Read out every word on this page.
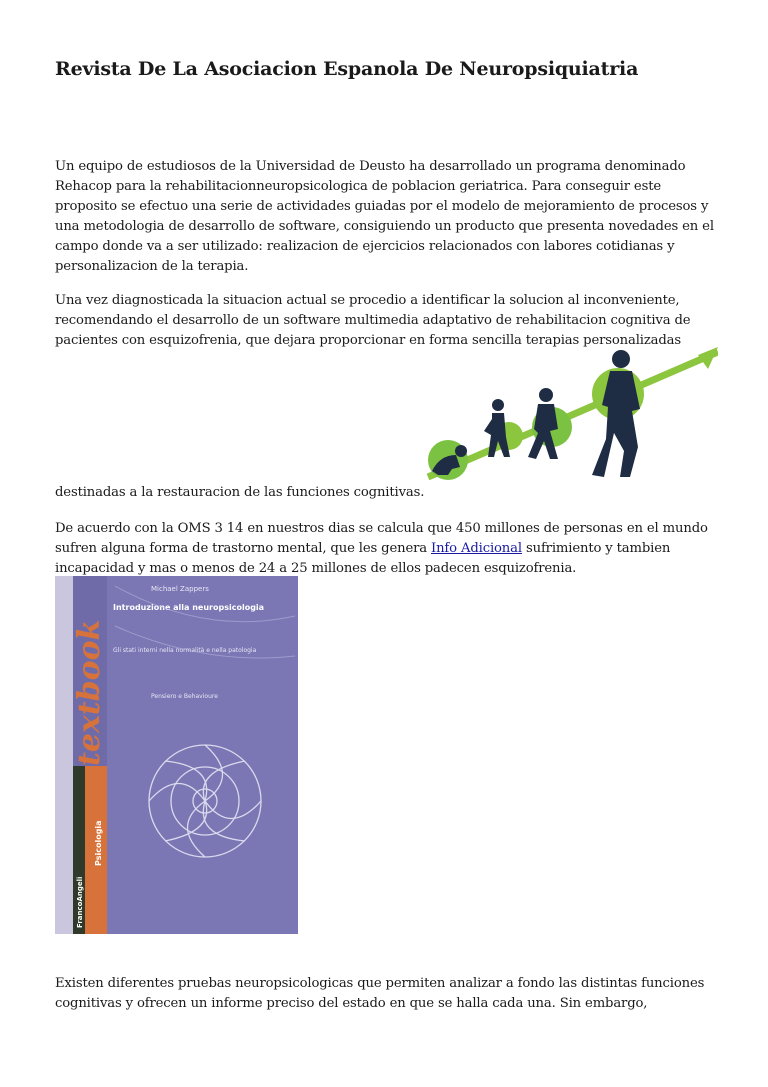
Revista De La Asociacion Espanola De Neuropsiquiatria

Un equipo de estudiosos de la Universidad de Deusto ha desarrollado un programa denominado Rehacop para la rehabilitacionneuropsicologica de poblacion geriatrica. Para conseguir este proposito se efectuo una serie de actividades guiadas por el modelo de mejoramiento de procesos y una metodologia de desarrollo de software, consiguiendo un producto que presenta novedades en el campo donde va a ser utilizado: realizacion de ejercicios relacionados con labores cotidianas y personalizacion de la terapia.

Una vez diagnosticada la situacion actual se procedio a identificar la solucion al inconveniente, recomendando el desarrollo de un software multimedia adaptativo de rehabilitacion cognitiva de pacientes con esquizofrenia, que dejara proporcionar en forma sencilla terapias personalizadas

destinadas a la restauracion de las funciones cognitivas.

De acuerdo con la OMS 3 14 en nuestros dias se calcula que 450 millones de personas en el mundo sufren alguna forma de trastorno mental, que les genera Info Adicional sufrimiento y tambien incapacidad y mas o menos de 24 a 25 millones de ellos padecen esquizofrenia.

textbook
Michael Zappers
Introduzione alla neuropsicologia
Gli stati interni nella normalità e nella patologia
Pensiero e Behavioure
Psicologia
FrancoAngeli

Existen diferentes pruebas neuropsicologicas que permiten analizar a fondo las distintas funciones cognitivas y ofrecen un informe preciso del estado en que se halla cada una. Sin embargo,
